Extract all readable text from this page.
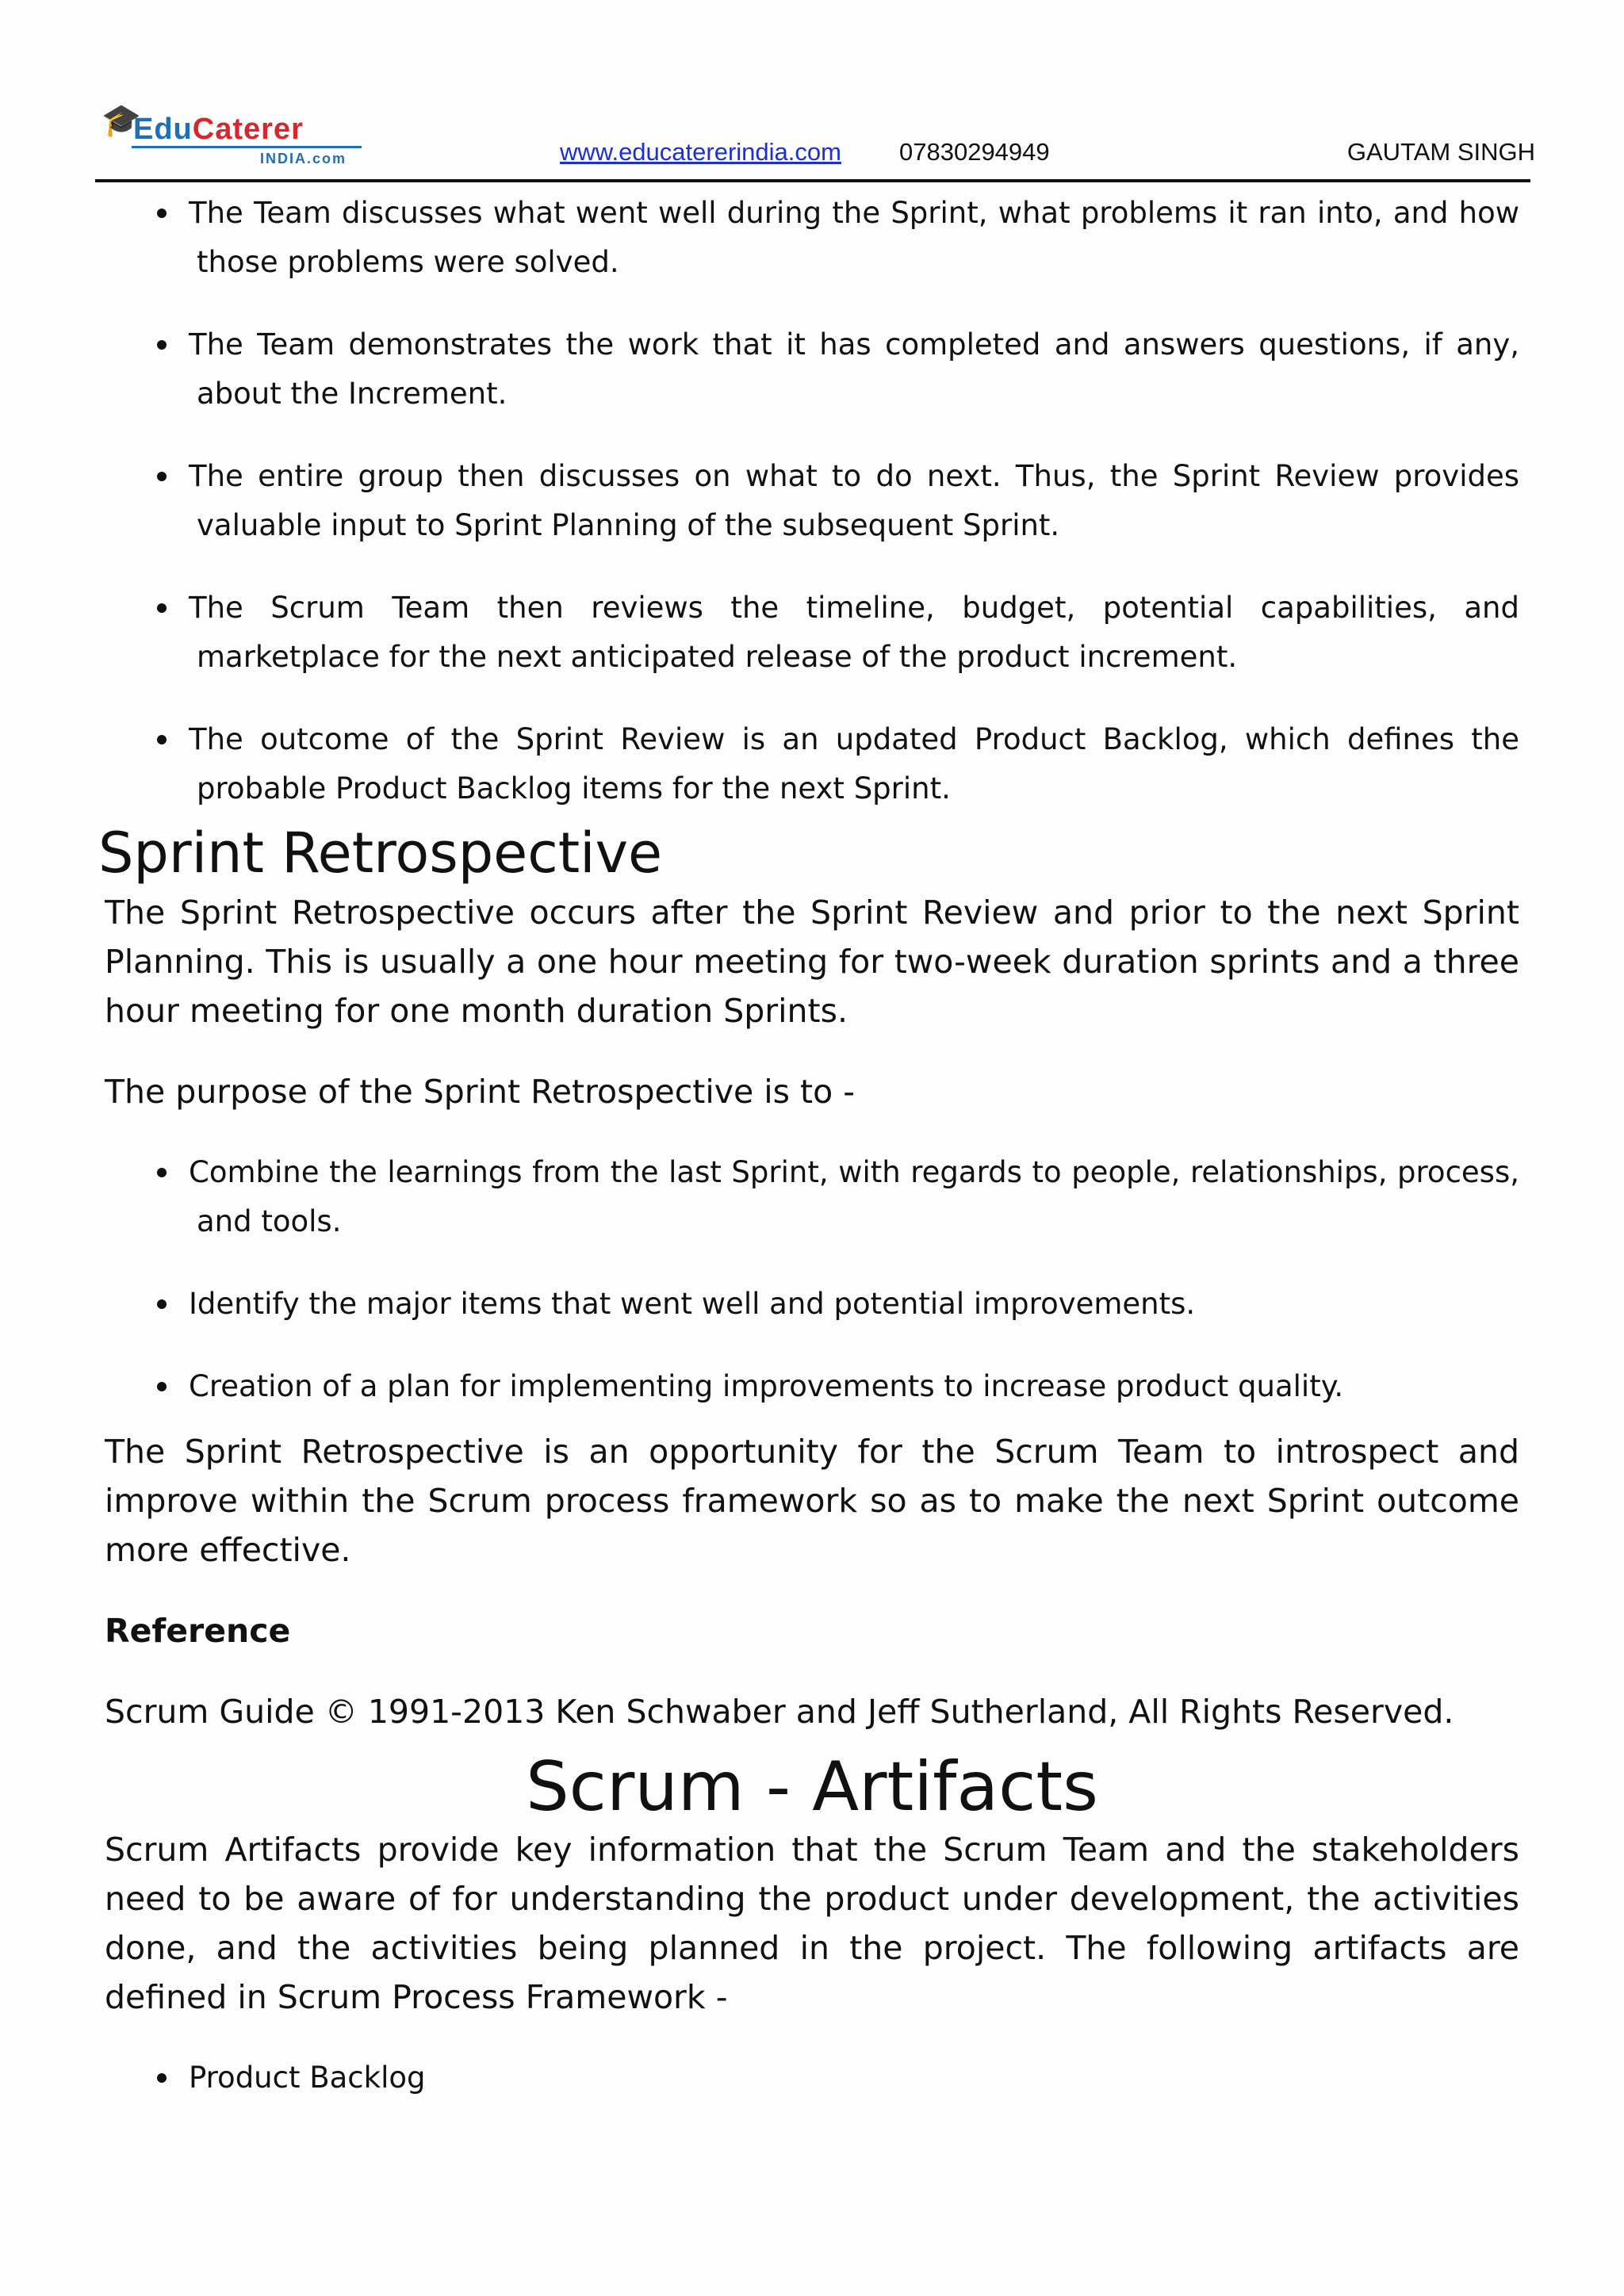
🎓
EduCaterer
INDIA.com	www.educatererindia.com 07830294949	GAUTAM SINGH
The Team discusses what went well during the Sprint, what problems it ran into, and how those problems were solved.
The Team demonstrates the work that it has completed and answers questions, if any, about the Increment.
The entire group then discusses on what to do next. Thus, the Sprint Review provides valuable input to Sprint Planning of the subsequent Sprint.
The Scrum Team then reviews the timeline, budget, potential capabilities, and marketplace for the next anticipated release of the product increment.
The outcome of the Sprint Review is an updated Product Backlog, which defines the probable Product Backlog items for the next Sprint.
Sprint Retrospective

The Sprint Retrospective occurs after the Sprint Review and prior to the next Sprint Planning. This is usually a one hour meeting for two-week duration sprints and a three hour meeting for one month duration Sprints.

The purpose of the Sprint Retrospective is to -

Combine the learnings from the last Sprint, with regards to people, relationships, process, and tools.
Identify the major items that went well and potential improvements.
Creation of a plan for implementing improvements to increase product quality.

The Sprint Retrospective is an opportunity for the Scrum Team to introspect and improve within the Scrum process framework so as to make the next Sprint outcome more effective.

Reference

Scrum Guide © 1991-2013 Ken Schwaber and Jeff Sutherland, All Rights Reserved.

Scrum - Artifacts

Scrum Artifacts provide key information that the Scrum Team and the stakeholders need to be aware of for understanding the product under development, the activities done, and the activities being planned in the project. The following artifacts are defined in Scrum Process Framework -

Product Backlog
